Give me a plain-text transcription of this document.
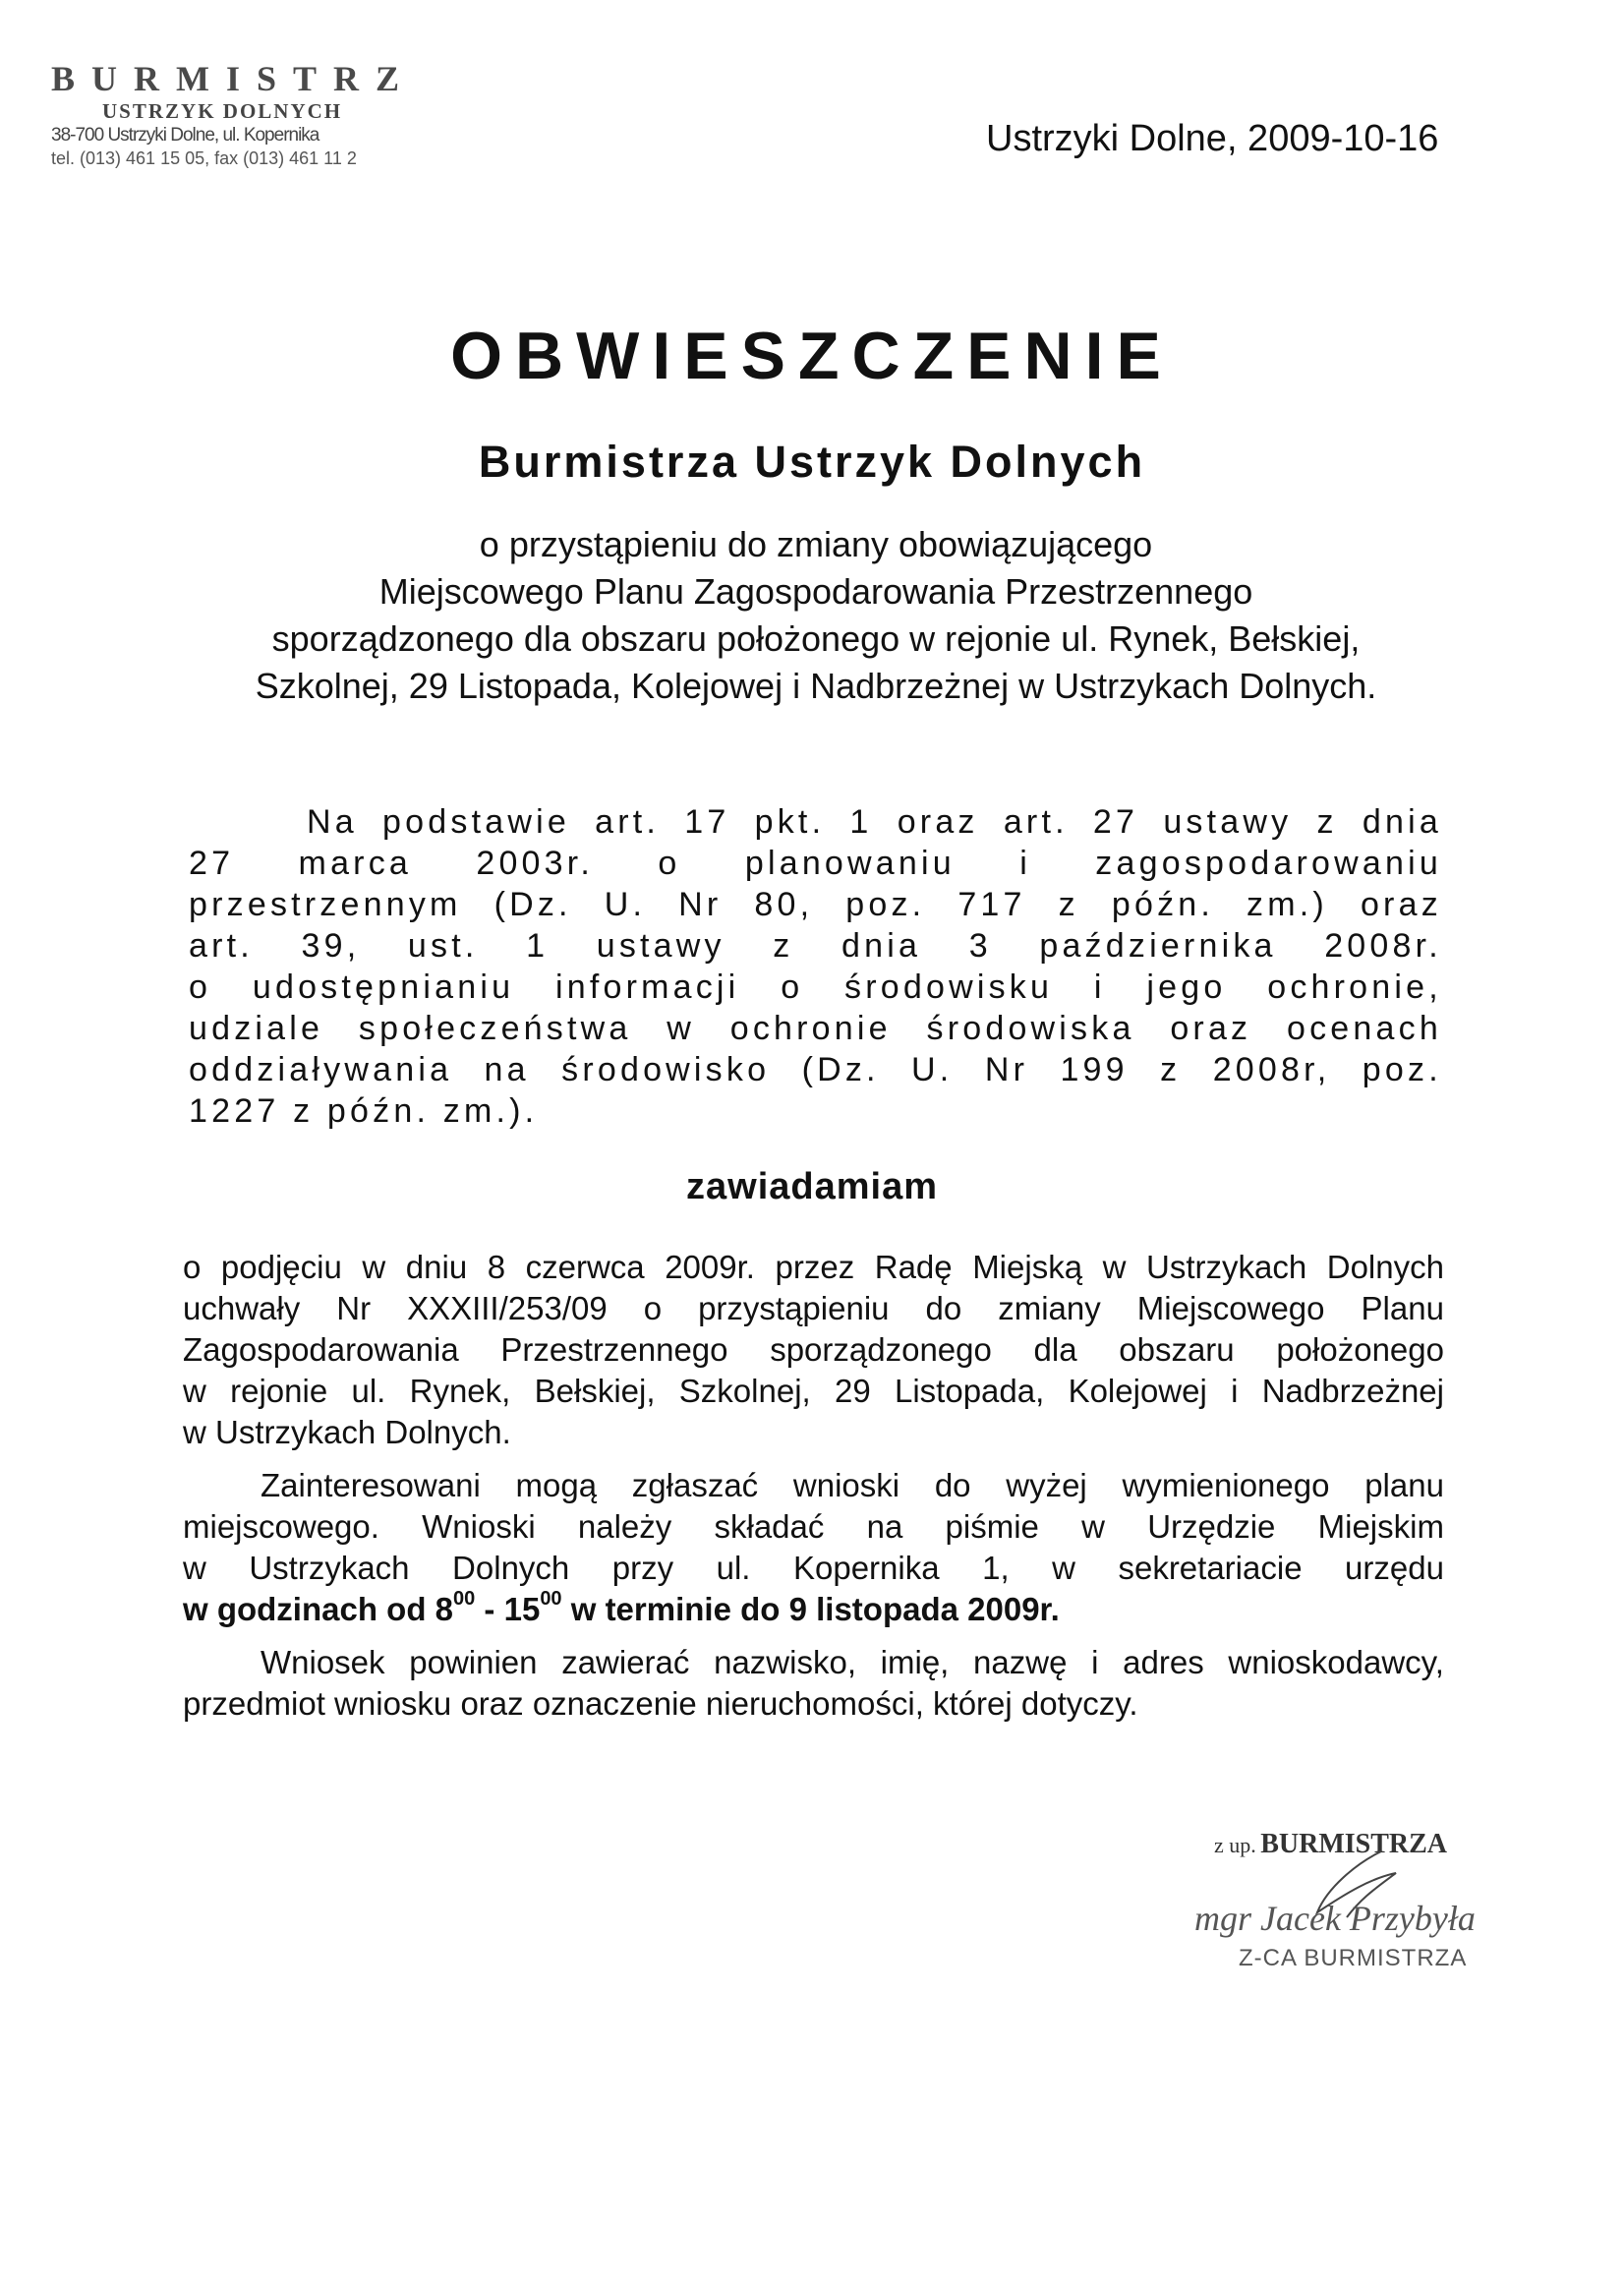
BURMISTRZ
USTRZYK DOLNYCH
38-700 Ustrzyki Dolne, ul. Kopernika
tel. (013) 461 15 05, fax (013) 461 11 2	Ustrzyki Dolne, 2009-10-16
OBWIESZCZENIE
Burmistrza Ustrzyk Dolnych
o przystąpieniu do zmiany obowiązującego
Miejscowego Planu Zagospodarowania Przestrzennego
sporządzonego dla obszaru położonego w rejonie ul. Rynek, Bełskiej,
Szkolnej, 29 Listopada, Kolejowej i Nadbrzeżnej w Ustrzykach Dolnych.
Na podstawie art. 17 pkt. 1 oraz art. 27 ustawy z dnia
27 marca 2003r. o planowaniu i zagospodarowaniu
przestrzennym (Dz. U. Nr 80, poz. 717 z późn. zm.) oraz
art. 39, ust. 1 ustawy z dnia 3 października 2008r.
o udostępnianiu informacji o środowisku i jego ochronie,
udziale społeczeństwa w ochronie środowiska oraz ocenach
oddziaływania na środowisko (Dz. U. Nr 199 z 2008r, poz.
1227 z późn. zm.).
zawiadamiam
o podjęciu w dniu 8 czerwca 2009r. przez Radę Miejską w Ustrzykach Dolnych
uchwały Nr XXXIII/253/09 o przystąpieniu do zmiany Miejscowego Planu
Zagospodarowania Przestrzennego sporządzonego dla obszaru położonego
w rejonie ul. Rynek, Bełskiej, Szkolnej, 29 Listopada, Kolejowej i Nadbrzeżnej
w Ustrzykach Dolnych.
Zainteresowani mogą zgłaszać wnioski do wyżej wymienionego planu
miejscowego. Wnioski należy składać na piśmie w Urzędzie Miejskim
w Ustrzykach Dolnych przy ul. Kopernika 1, w sekretariacie urzędu
w godzinach od $8^{00} - 15^{00}$ w terminie do 9 listopada 2009r.
Wniosek powinien zawierać nazwisko, imię, nazwę i adres wnioskodawcy,
przedmiot wniosku oraz oznaczenie nieruchomości, której dotyczy.
z up. BURMISTRZA
mgr Jacek Przybyła
Z-CA BURMISTRZA
